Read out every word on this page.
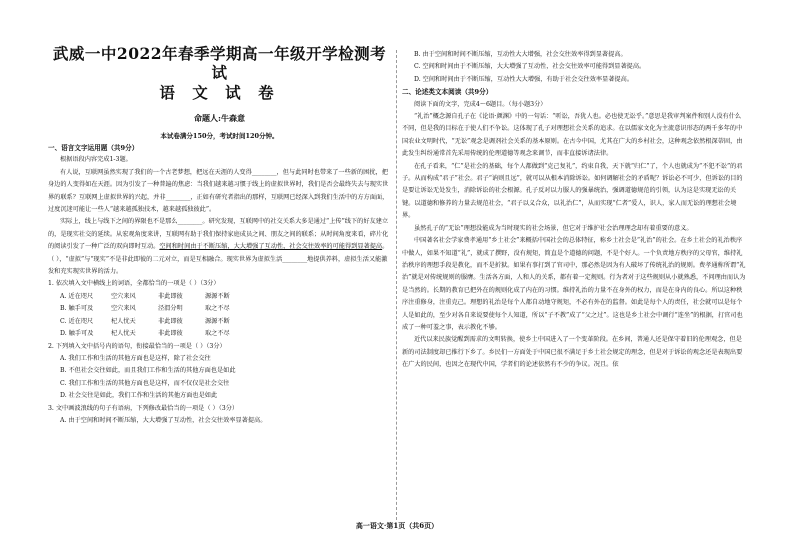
武威一中2022年春季学期高一年级开学检测考试
语 文 试 卷
命题人:牛森意
本试卷满分150分，考试时间120分钟。

一、语言文字运用题（共9分）

根据语段内容完成1-3题。

有人说，互联网虽然实现了我们的一个古老梦想，把远在天涯的人变得________，但与此同时也带来了一些新的困扰，把身边的人变得如在天涯。因为引发了一种普遍的焦虑：当我们越来越习惯于线上的虚拟世界时，我们是否会最终失去与现实世界的联系？互联网上虚拟世界的兴起，并非________，正如有研究者指出的那样，互联网已经深入到我们生活中的方方面面，过度沉迷可能让一些人“越来越孤独技术，越来越孤独彼此”。

实际上，线上与线下之间的界限也不是那么________。研究发现，互联网中的社交关系大多是通过“上传”线下的好友建立的，是现实社交的延续。从宏观角度来讲，互联网有助于我们保持家庭成员之间、朋友之间的联系；从时间角度来看，碎片化的阅读引发了一种广泛的双向即时互动。空间和时间由于不断压缩，大大增强了互动性，社会交往效率的可能得到显著提高。（ ），“虚拟”与“现实”不是非此即彼的二元对立，而是互相融合。现实世界为虚拟生活________地提供养料，虚拟生活又能激发和充实现实世界的活力。

1. 依次填入文中横线上的词语，全都恰当的一项是（ ）（3分）

A. 近在咫尺	空穴来风	非此即彼	源源不断
B. 触手可及	空穴来风	泾渭分明	取之不尽
C. 近在咫尺	杞人忧天	非此即彼	源源不断
D. 触手可及	杞人忧天	非此即彼	取之不尽

2. 下列填入文中括号内的语句，衔接最恰当的一项是（ ）（3分）

A. 我们工作和生活的其他方面也是这样，除了社会交往

B. 不但社会交往如此，而且我们工作和生活的其他方面也是如此

C. 我们工作和生活的其他方面也是这样，而不仅仅是社会交往

D. 社会交往是如此，我们工作和生活的其他方面也是如此

3. 文中画波浪线的句子有语病，下列修改最恰当的一项是（ ）（3分）

A. 由于空间和时间不断压缩，大大增强了互动性，社会交往效率显著提高。

B. 由于空间和时间不断压缩，互动性大大增强，社会交往效率得到显著提高。

C. 空间和时间由于不断压缩，大大增强了互动性，社会交往效率可能得到显著提高。

D. 空间和时间由于不断压缩，互动性大大增强，有助于社会交往效率显著提高。

二、论述类文本阅读（共9分）

阅读下面的文字，完成4～6题目。（每小题3分）

“礼治”概念源自孔子在《论语·颜渊》中的一句话：“听讼，吾犹人也。必也使无讼乎。”意思是我审判案件和别人没有什么不同，但是我的目标在于使人们不争讼。这体现了孔子对理想社会关系的追求。在以儒家文化为主流意识形态的两千多年的中国农业文明时代，“无讼”观念是调剂社会关系的基本原则。在古今中国，尤其在广大的乡村社会，这种观念依然根深蒂固，由此发生纠纷通常首先采用传统的伦理道德等观念来调节，而非直接诉诸法律。

在孔子看来，“仁”是社会的基础，每个人都做到“克己复礼”，约束自我，天下就“归仁”了，个人也就成为“不犯不讼”的君子。从而构成“君子”社会。君子“讷则且远”，就可以从根本消除诉讼。如何调解社会的矛盾呢？诉讼必不可少，但诉讼的目的是要让诉讼无处发生，消除诉讼的社会根源。孔子反对以力服人的强暴统治，强调道德规范的引领，认为这是实现无讼的关键。以道德和修养的力量去规范社会，“君子以义合众，以礼治仁”，从而实现“仁者”爱人，识人，家人而无讼的理想社会境界。

虽然孔子的“无讼”理想没能成为当时现实的社会场景，但它对于维护社会治理理念却有着重要的意义。

中国著名社会学家费孝通用“乡土社会”来概括中国社会的总体特征，称乡土社会是“礼治”的社会。在乡土社会的礼治秩序中做人，如果不知道“礼”，就成了撰野，没有规矩，简直是个道德的问题，不是个好人。一个负责地方秩序的父母官，维持礼治秩序的理想手段是教化，而不是折狱。如果有事打到了官司中，那必然是因为有人破坏了传统礼治的规则。费孝通称所谓“礼治”就是对传统规则的服膺。生活各方面，人和人的关系，都有着一定规则。行为者对于这些规则从小就熟悉，不问理由而认为是当然的。长期的教育已把外在的规则化成了内在的习惯。维持礼治的力量不在身外的权力，而是在身内的良心。所以这种秩序注重修身，注重克己。理想的礼治是每个人都自动地守规矩，不必有外在的监督。如此是每个人的责任，社会就可以是每个人是如此的，至少对各自来说要使每个人知道，所以“子不教”成了“父之过”。这也是乡土社会中调行“连坐”的根据，打官司也成了一种可羞之事，表示教化不够。

近代以来民族觉醒到需求的文明转换，使乡土中国进入了一个变革阶段。在乡间，普通人还是保守着旧的伦理观念，但是新的司法制度却已推行下乡了。乡民们一方面处于中国已很不满足于乡土社会规定的理念，但是对于诉讼的观念还是表现出要在广大的民间，也因之在现代中国，学者们的论述依然有不少的争议。况且。依

高一语文·第1页（共6页）
